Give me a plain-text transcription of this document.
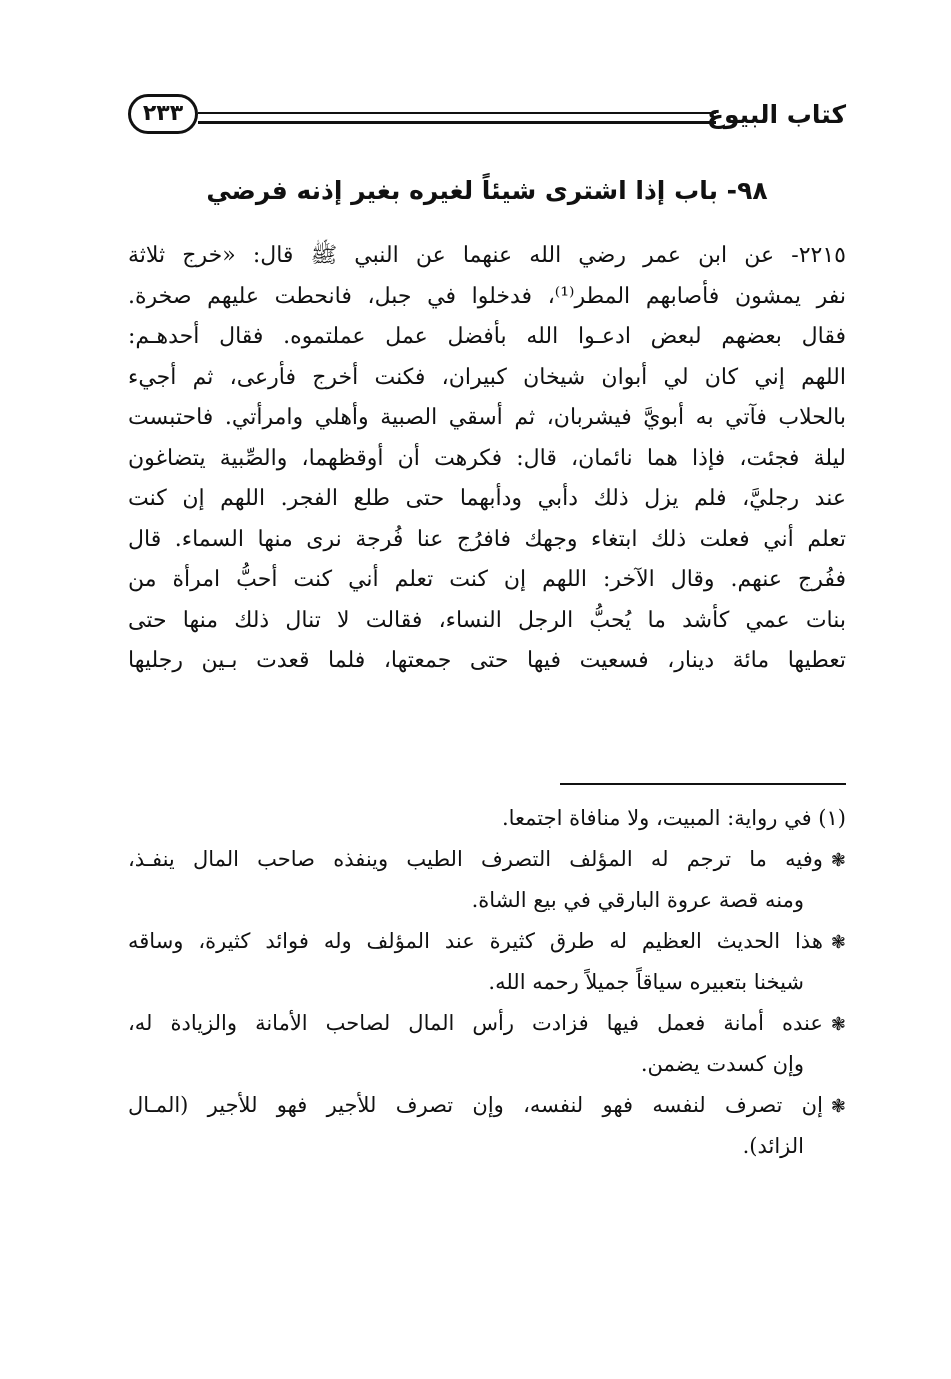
كتاب البيوع
٢٣٣
٩٨- باب إذا اشترى شيئاً لغيره بغير إذنه فرضي
٢٢١٥- عن ابن عمر رضي الله عنهما عن النبي ﷺ قال: «خرج ثلاثة
نفر يمشون فأصابهم المطر⁽¹⁾، فدخلوا في جبل، فانحطت عليهم صخرة.
فقال بعضهم لبعض ادعـوا الله بأفضل عمل عملتموه. فقال أحدهـم:
اللهم إني كان لي أبوان شيخان كبيران، فكنت أخرج فأرعى، ثم أجيء
بالحلاب فآتي به أبويَّ فيشربان، ثم أسقي الصبية وأهلي وامرأتي. فاحتبست
ليلة فجئت، فإذا هما نائمان، قال: فكرهت أن أوقظهما، والصِّبية يتضاغون
عند رجليَّ، فلم يزل ذلك دأبي ودأبهما حتى طلع الفجر. اللهم إن كنت
تعلم أني فعلت ذلك ابتغاء وجهك فافرُج عنا فُرجة نرى منها السماء. قال
ففُرج عنهم. وقال الآخر: اللهم إن كنت تعلم أني كنت أحبُّ امرأة من
بنات عمي كأشد ما يُحبُّ الرجل النساء، فقالت لا تنال ذلك منها حتى
تعطيها مائة دينار، فسعيت فيها حتى جمعتها، فلما قعدت بـين رجليها
(١) في رواية: المبيت، ولا منافاة اجتمعا.
❃وفيه ما ترجم له المؤلف التصرف الطيب وينفذه صاحب المال ينفـذ،
ومنه قصة عروة البارقي في بيع الشاة.
❃هذا الحديث العظيم له طرق كثيرة عند المؤلف وله فوائد كثيرة، وساقه
شيخنا بتعبيره سياقاً جميلاً رحمه الله.
❃عنده أمانة فعمل فيها فزادت رأس المال لصاحب الأمانة والزيادة له،
وإن كسدت يضمن.
❃إن تصرف لنفسه فهو لنفسه، وإن تصرف للأجير فهو للأجير (المـال
الزائد).
